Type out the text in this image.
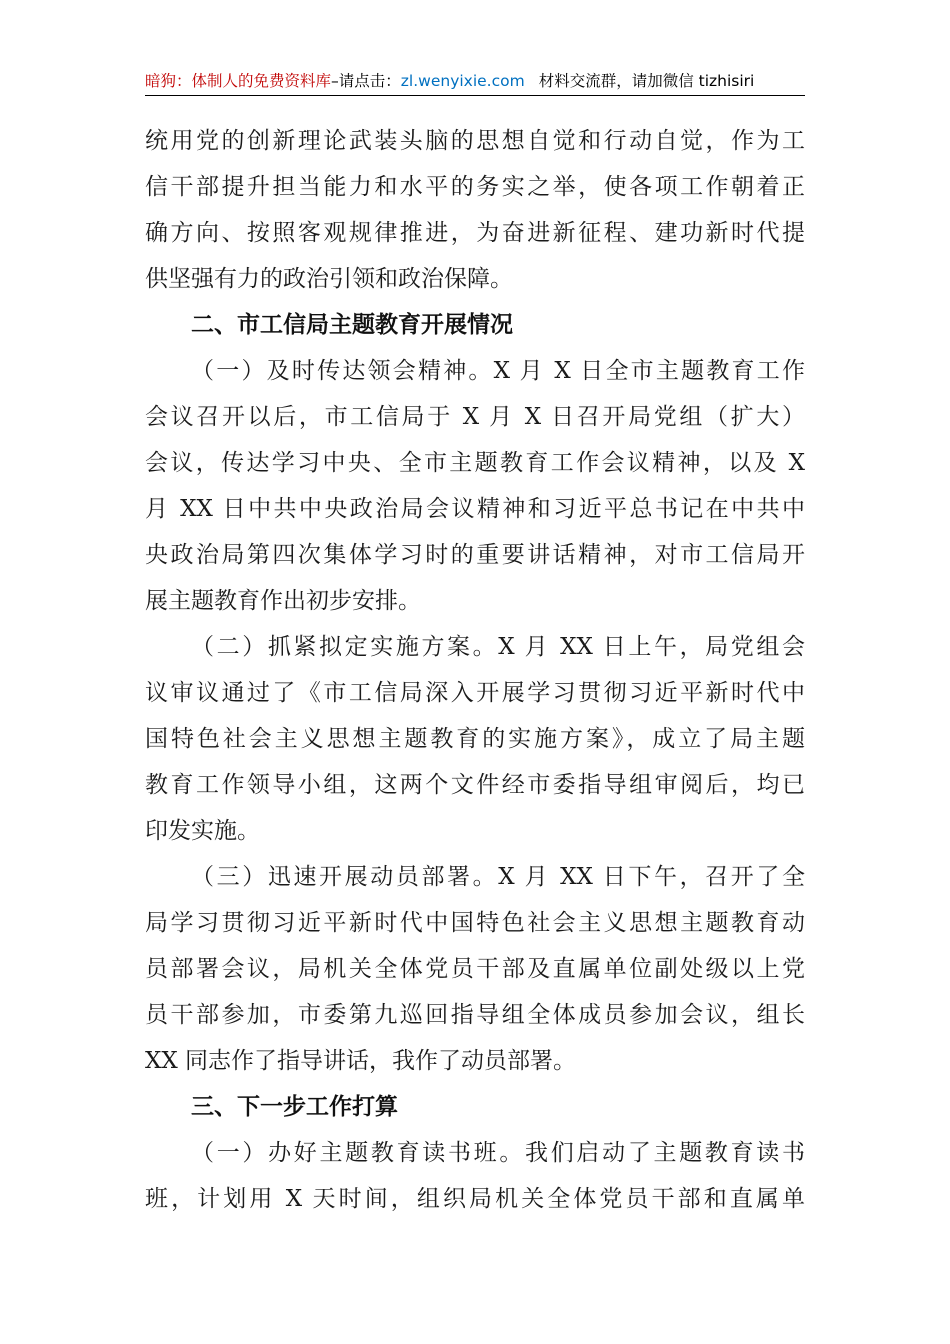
暗狗：体制人的免费资料库–请点击：zl.wenyixie.com 材料交流群，请加微信 tizhisiri
统用党的创新理论武装头脑的思想自觉和行动自觉，作为工
信干部提升担当能力和水平的务实之举，使各项工作朝着正
确方向、按照客观规律推进，为奋进新征程、建功新时代提
供坚强有力的政治引领和政治保障。
二、市工信局主题教育开展情况
（一）及时传达领会精神。X 月 X 日全市主题教育工作
会议召开以后，市工信局于 X 月 X 日召开局党组（扩大）
会议，传达学习中央、全市主题教育工作会议精神，以及 X
月 XX 日中共中央政治局会议精神和习近平总书记在中共中
央政治局第四次集体学习时的重要讲话精神，对市工信局开
展主题教育作出初步安排。
（二）抓紧拟定实施方案。X 月 XX 日上午，局党组会
议审议通过了《市工信局深入开展学习贯彻习近平新时代中
国特色社会主义思想主题教育的实施方案》，成立了局主题
教育工作领导小组，这两个文件经市委指导组审阅后，均已
印发实施。
（三）迅速开展动员部署。X 月 XX 日下午，召开了全
局学习贯彻习近平新时代中国特色社会主义思想主题教育动
员部署会议，局机关全体党员干部及直属单位副处级以上党
员干部参加，市委第九巡回指导组全体成员参加会议，组长
XX 同志作了指导讲话，我作了动员部署。
三、下一步工作打算
（一）办好主题教育读书班。我们启动了主题教育读书
班，计划用 X 天时间，组织局机关全体党员干部和直属单
